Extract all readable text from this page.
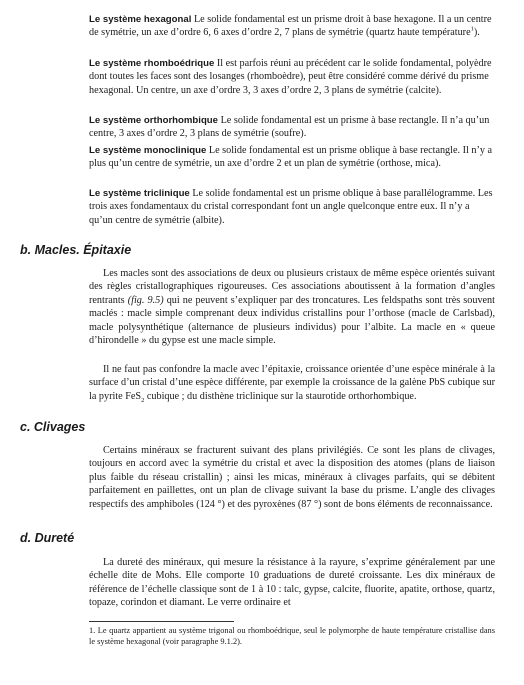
Le système hexagonal Le solide fondamental est un prisme droit à base hexagone. Il a un centre de symétrie, un axe d’ordre 6, 6 axes d’ordre 2, 7 plans de symétrie (quartz haute température$^1$).

Le système rhomboédrique Il est parfois réuni au précédent car le solide fondamental, polyèdre dont toutes les faces sont des losanges (rhomboèdre), peut être considéré comme dérivé du prisme hexagonal. Un centre, un axe d’ordre 3, 3 axes d’ordre 2, 3 plans de symétrie (calcite).

Le système orthorhombique Le solide fondamental est un prisme à base rectangle. Il n’a qu’un centre, 3 axes d’ordre 2, 3 plans de symétrie (soufre).

Le système monoclinique Le solide fondamental est un prisme oblique à base rectangle. Il n’y a plus qu’un centre de symétrie, un axe d’ordre 2 et un plan de symétrie (orthose, mica).

Le système triclinique Le solide fondamental est un prisme oblique à base parallélogramme. Les trois axes fondamentaux du cristal correspondant font un angle quelconque entre eux. Il n’y a qu’un centre de symétrie (albite).

b. Macles. Épitaxie

Les macles sont des associations de deux ou plusieurs cristaux de même espèce orientés suivant des règles cristallographiques rigoureuses. Ces associations aboutissent à la formation d’angles rentrants (fig. 9.5) qui ne peuvent s’expliquer par des troncatures. Les feldspaths sont très souvent maclés : macle simple comprenant deux individus cristallins pour l’orthose (macle de Carlsbad), macle polysynthétique (alternance de plusieurs individus) pour l’albite. La macle en « queue d’hirondelle » du gypse est une macle simple.

Il ne faut pas confondre la macle avec l’épitaxie, croissance orientée d’une espèce minérale à la surface d’un cristal d’une espèce différente, par exemple la croissance de la galène PbS cubique sur la pyrite FeS$_2$ cubique ; du disthène triclinique sur la staurotide orthorhombique.

c. Clivages

Certains minéraux se fracturent suivant des plans privilégiés. Ce sont les plans de clivages, toujours en accord avec la symétrie du cristal et avec la disposition des atomes (plans de liaison plus faible du réseau cristallin) ; ainsi les micas, minéraux à clivages parfaits, qui se débitent parfaitement en paillettes, ont un plan de clivage suivant la base du prisme. L’angle des clivages respectifs des amphiboles (124 °) et des pyroxènes (87 °) sont de bons éléments de reconnaissance.

d. Dureté

La dureté des minéraux, qui mesure la résistance à la rayure, s’exprime généralement par une échelle dite de Mohs. Elle comporte 10 graduations de dureté croissante. Les dix minéraux de référence de l’échelle classique sont de 1 à 10 : talc, gypse, calcite, fluorite, apatite, orthose, quartz, topaze, corindon et diamant. Le verre ordinaire et

1. Le quartz appartient au système trigonal ou rhomboédrique, seul le polymorphe de haute température cristallise dans le système hexagonal (voir paragraphe 9.1.2).
